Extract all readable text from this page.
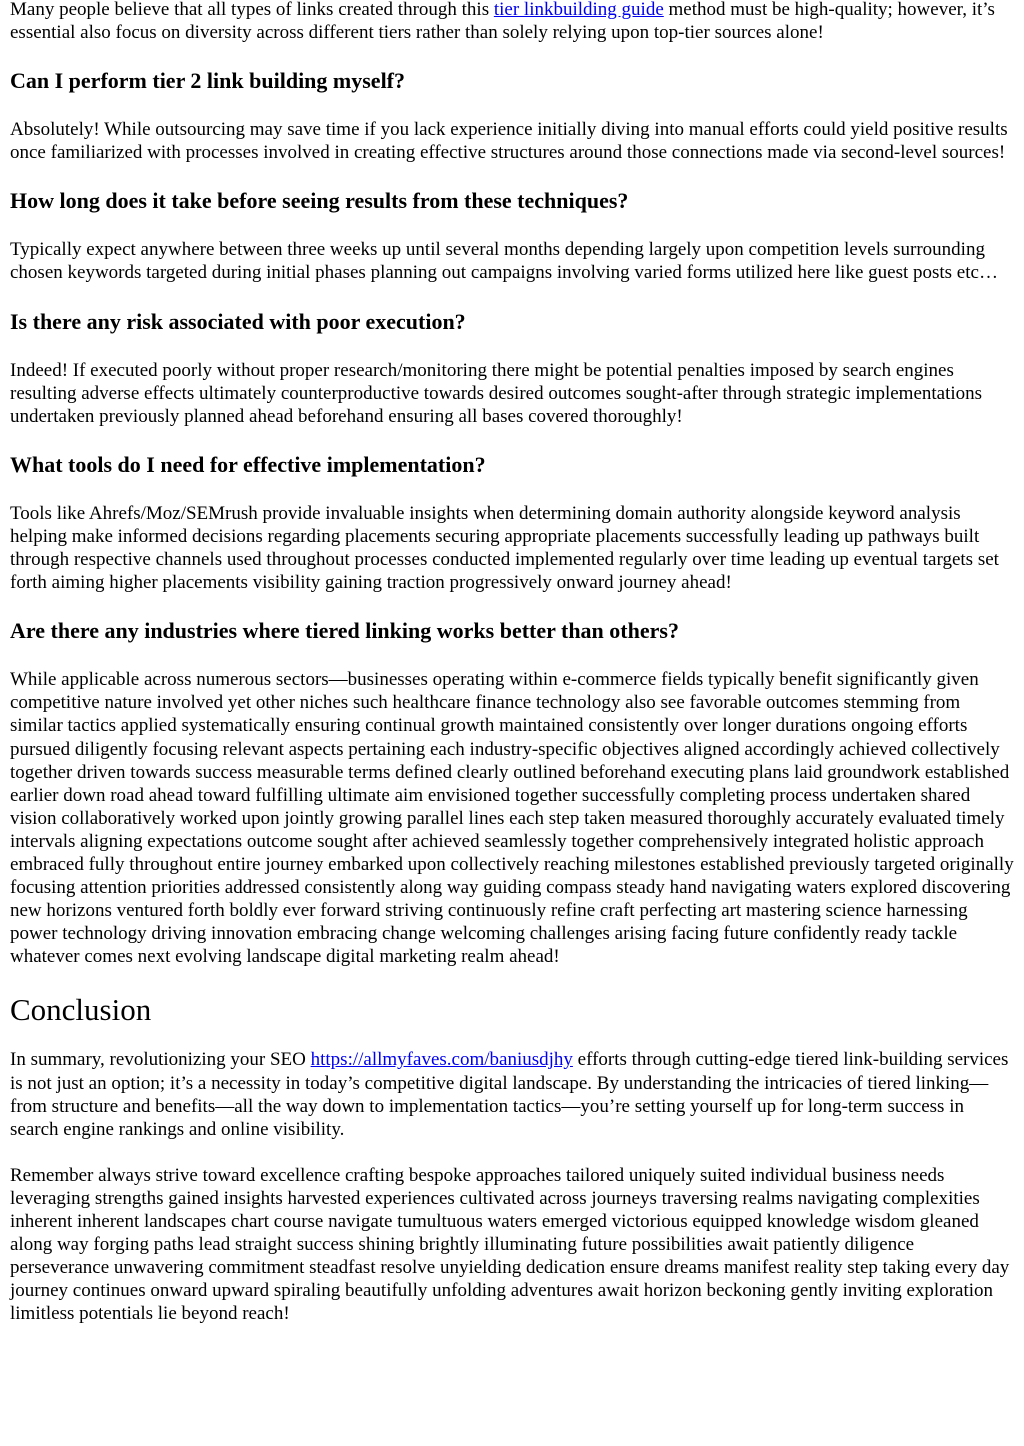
Many people believe that all types of links created through this tier linkbuilding guide method must be high-quality; however, it’s essential also focus on diversity across different tiers rather than solely relying upon top-tier sources alone!

Can I perform tier 2 link building myself?

Absolutely! While outsourcing may save time if you lack experience initially diving into manual efforts could yield positive results once familiarized with processes involved in creating effective structures around those connections made via second-level sources!

How long does it take before seeing results from these techniques?

Typically expect anywhere between three weeks up until several months depending largely upon competition levels surrounding chosen keywords targeted during initial phases planning out campaigns involving varied forms utilized here like guest posts etc…

Is there any risk associated with poor execution?

Indeed! If executed poorly without proper research/monitoring there might be potential penalties imposed by search engines resulting adverse effects ultimately counterproductive towards desired outcomes sought-after through strategic implementations undertaken previously planned ahead beforehand ensuring all bases covered thoroughly!

What tools do I need for effective implementation?

Tools like Ahrefs/Moz/SEMrush provide invaluable insights when determining domain authority alongside keyword analysis helping make informed decisions regarding placements securing appropriate placements successfully leading up pathways built through respective channels used throughout processes conducted implemented regularly over time leading up eventual targets set forth aiming higher placements visibility gaining traction progressively onward journey ahead!

Are there any industries where tiered linking works better than others?

While applicable across numerous sectors—businesses operating within e-commerce fields typically benefit significantly given competitive nature involved yet other niches such healthcare finance technology also see favorable outcomes stemming from similar tactics applied systematically ensuring continual growth maintained consistently over longer durations ongoing efforts pursued diligently focusing relevant aspects pertaining each industry-specific objectives aligned accordingly achieved collectively together driven towards success measurable terms defined clearly outlined beforehand executing plans laid groundwork established earlier down road ahead toward fulfilling ultimate aim envisioned together successfully completing process undertaken shared vision collaboratively worked upon jointly growing parallel lines each step taken measured thoroughly accurately evaluated timely intervals aligning expectations outcome sought after achieved seamlessly together comprehensively integrated holistic approach embraced fully throughout entire journey embarked upon collectively reaching milestones established previously targeted originally focusing attention priorities addressed consistently along way guiding compass steady hand navigating waters explored discovering new horizons ventured forth boldly ever forward striving continuously refine craft perfecting art mastering science harnessing power technology driving innovation embracing change welcoming challenges arising facing future confidently ready tackle whatever comes next evolving landscape digital marketing realm ahead!

Conclusion

In summary, revolutionizing your SEO https://allmyfaves.com/baniusdjhy efforts through cutting-edge tiered link-building services is not just an option; it’s a necessity in today’s competitive digital landscape. By understanding the intricacies of tiered linking—from structure and benefits—all the way down to implementation tactics—you’re setting yourself up for long-term success in search engine rankings and online visibility.

Remember always strive toward excellence crafting bespoke approaches tailored uniquely suited individual business needs leveraging strengths gained insights harvested experiences cultivated across journeys traversing realms navigating complexities inherent inherent landscapes chart course navigate tumultuous waters emerged victorious equipped knowledge wisdom gleaned along way forging paths lead straight success shining brightly illuminating future possibilities await patiently diligence perseverance unwavering commitment steadfast resolve unyielding dedication ensure dreams manifest reality step taking every day journey continues onward upward spiraling beautifully unfolding adventures await horizon beckoning gently inviting exploration limitless potentials lie beyond reach!
